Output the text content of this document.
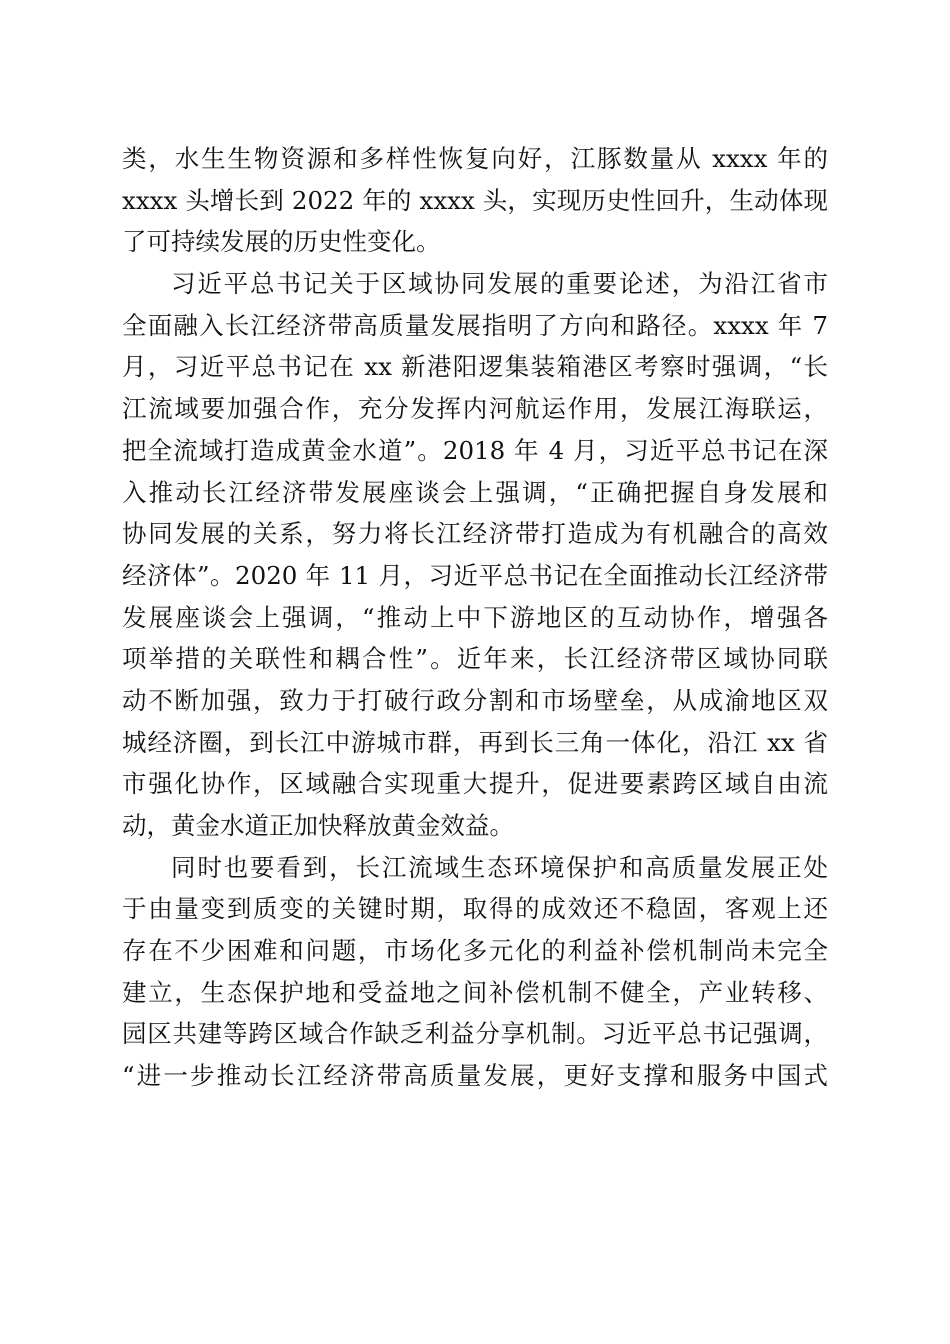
类，水生生物资源和多样性恢复向好，江豚数量从 xxxx 年的
xxxx 头增长到 2022 年的 xxxx 头，实现历史性回升，生动体现
了可持续发展的历史性变化。
习近平总书记关于区域协同发展的重要论述，为沿江省市
全面融入长江经济带高质量发展指明了方向和路径。xxxx 年 7
月，习近平总书记在 xx 新港阳逻集装箱港区考察时强调，“长
江流域要加强合作，充分发挥内河航运作用，发展江海联运，
把全流域打造成黄金水道”。2018 年 4 月，习近平总书记在深
入推动长江经济带发展座谈会上强调，“正确把握自身发展和
协同发展的关系，努力将长江经济带打造成为有机融合的高效
经济体”。2020 年 11 月，习近平总书记在全面推动长江经济带
发展座谈会上强调，“推动上中下游地区的互动协作，增强各
项举措的关联性和耦合性”。近年来，长江经济带区域协同联
动不断加强，致力于打破行政分割和市场壁垒，从成渝地区双
城经济圈，到长江中游城市群，再到长三角一体化，沿江 xx 省
市强化协作，区域融合实现重大提升，促进要素跨区域自由流
动，黄金水道正加快释放黄金效益。
同时也要看到，长江流域生态环境保护和高质量发展正处
于由量变到质变的关键时期，取得的成效还不稳固，客观上还
存在不少困难和问题，市场化多元化的利益补偿机制尚未完全
建立，生态保护地和受益地之间补偿机制不健全，产业转移、
园区共建等跨区域合作缺乏利益分享机制。习近平总书记强调，
“进一步推动长江经济带高质量发展，更好支撑和服务中国式
